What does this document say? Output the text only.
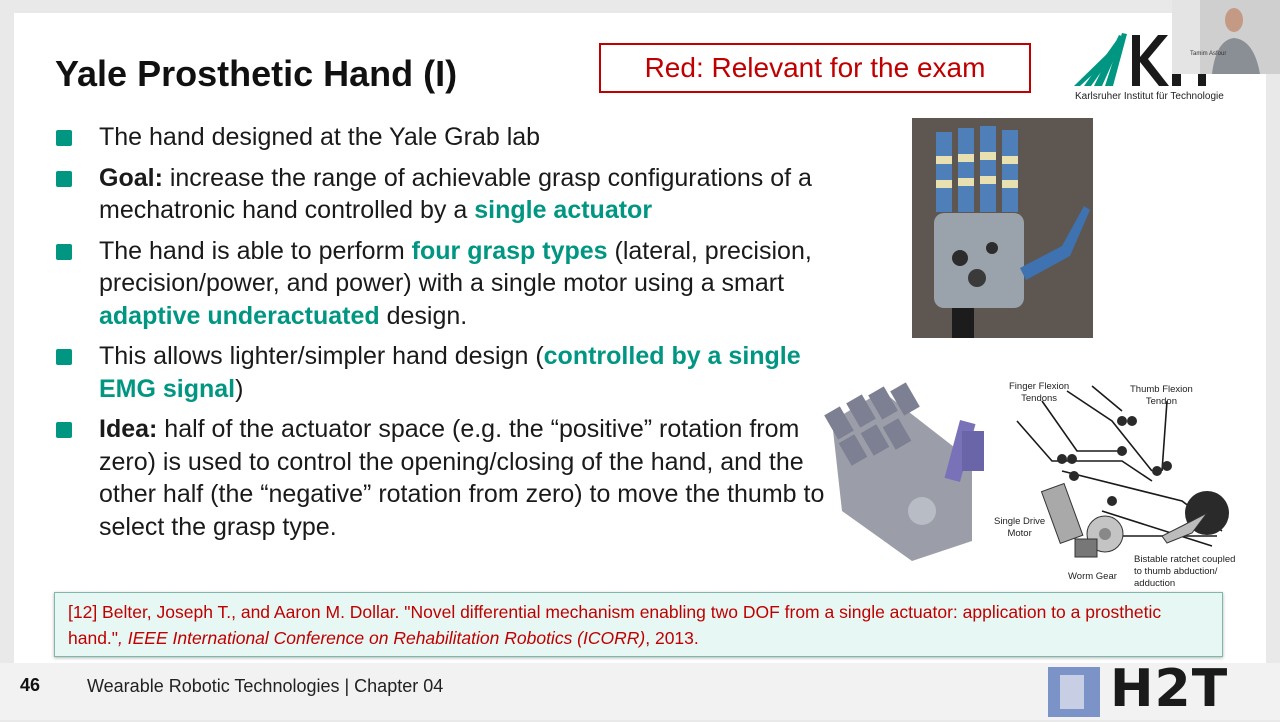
Yale Prosthetic Hand (I)	Red: Relevant for the exam
Karlsruher Institut für Technologie
Tamim Asfour
The hand designed at the Yale Grab lab
Goal: increase the range of achievable grasp configurations of a mechatronic hand controlled by a single actuator
The hand is able to perform four grasp types (lateral, precision, precision/power, and power) with a single motor using a smart adaptive underactuated design.
This allows lighter/simpler hand design (controlled by a single EMG signal)
Idea: half of the actuator space (e.g. the “positive” rotation from zero) is used to control the opening/closing of the hand, and the other half (the “negative” rotation from zero) to move the thumb to select the grasp type.
Finger Flexion
Tendons
Thumb Flexion
Tendon
Single Drive
Motor
Worm Gear
Bistable ratchet coupled
to thumb abduction/
adduction
[12] Belter, Joseph T., and Aaron M. Dollar. "Novel differential mechanism enabling two DOF from a single actuator: application to a prosthetic hand.", IEEE International Conference on Rehabilitation Robotics (ICORR), 2013.
46	Wearable Robotic Technologies | Chapter 04	H2T
